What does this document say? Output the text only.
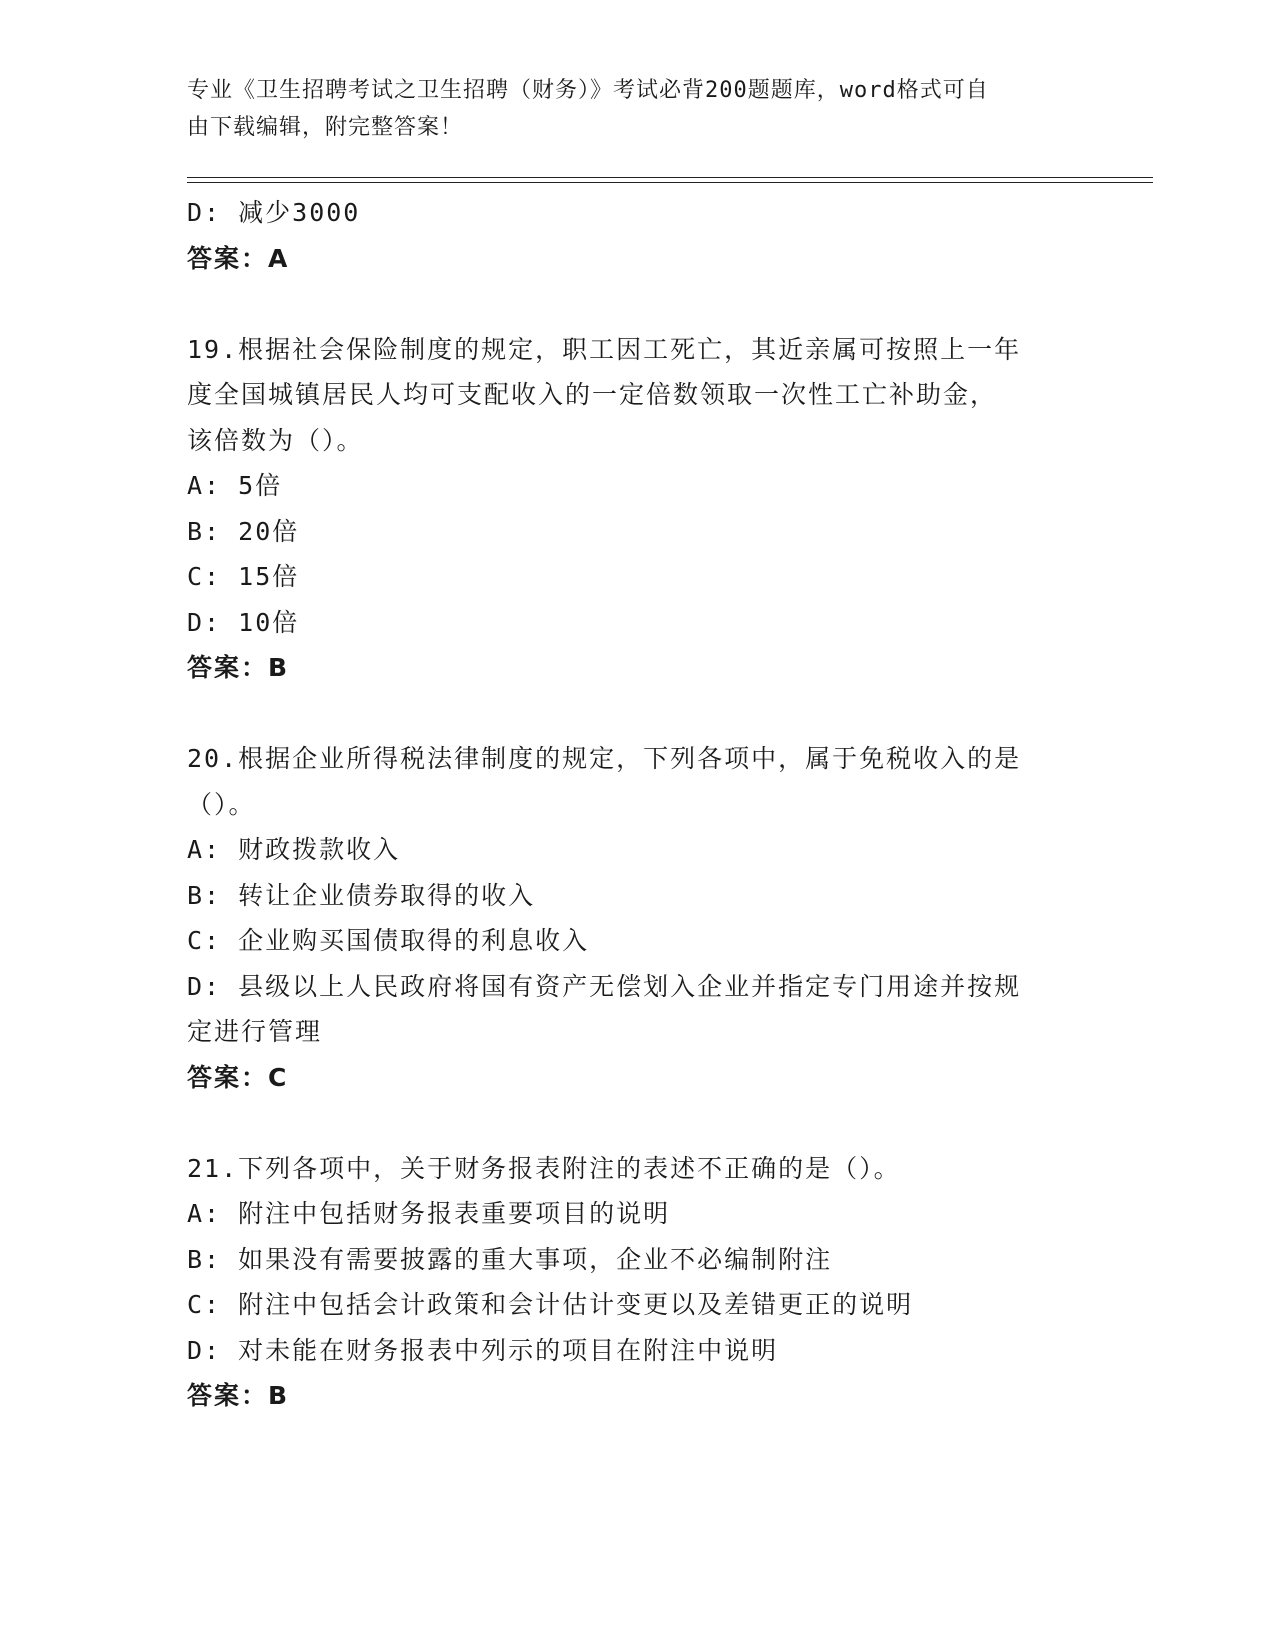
专业《卫生招聘考试之卫生招聘（财务）》考试必背200题题库，word格式可自
由下载编辑，附完整答案！
D: 减少3000
答案：A
19.根据社会保险制度的规定，职工因工死亡，其近亲属可按照上一年
度全国城镇居民人均可支配收入的一定倍数领取一次性工亡补助金，
该倍数为（）。
A: 5倍
B: 20倍
C: 15倍
D: 10倍
答案：B
20.根据企业所得税法律制度的规定，下列各项中，属于免税收入的是
（）。
A: 财政拨款收入
B: 转让企业债券取得的收入
C: 企业购买国债取得的利息收入
D: 县级以上人民政府将国有资产无偿划入企业并指定专门用途并按规
定进行管理
答案：C
21.下列各项中，关于财务报表附注的表述不正确的是（）。
A: 附注中包括财务报表重要项目的说明
B: 如果没有需要披露的重大事项，企业不必编制附注
C: 附注中包括会计政策和会计估计变更以及差错更正的说明
D: 对未能在财务报表中列示的项目在附注中说明
答案：B
